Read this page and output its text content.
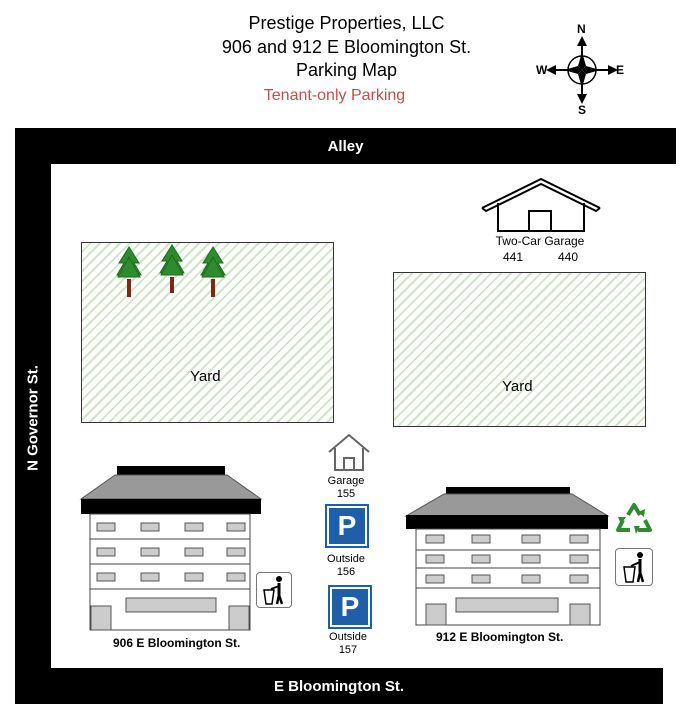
Prestige Properties, LLC
906 and 912 E Bloomington St.
Parking Map
Tenant-only Parking
N
S
W	E
Alley
N Governor St.
E Bloomington St.
Yard
Yard
Two-Car Garage
441	440
Garage
155
P
Outside
156
P
Outside
157
906 E Bloomington St.	912 E Bloomington St.
